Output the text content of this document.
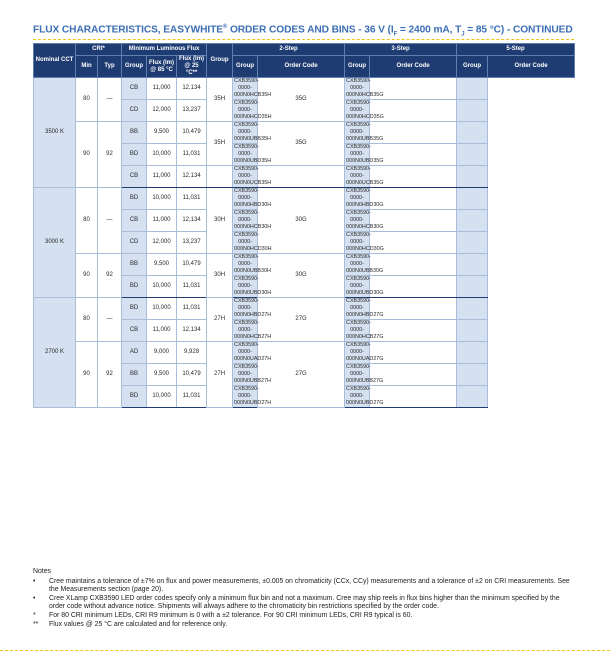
FLUX CHARACTERISTICS, EASYWHITE® ORDER CODES AND BINS - 36 V ($I_F = 2400$ mA, $T_J = 85$ °C) - CONTINUED
Nominal CCT	CRI*		Minimum Luminous Flux			Group	2-Step		3-Step		5-Step	
	Min	Typ	Group	Flux (lm) @ 85 °C	Flux (lm) @ 25 °C**		Group	Order Code	Group	Order Code	Group	Order Code
3500 K	80	—	CB	11,000	12,134	35H	CXB3590-0000-000N0HCB35H	35G	CXB3590-0000-000N0HCB35G			
			CD	12,000	13,237		CXB3590-0000-000N0HCD35H		CXB3590-0000-000N0HCD35G			
	90	92	BB	9,500	10,479	35H	CXB3590-0000-000N0UBB35H	35G	CXB3590-0000-000N0UBB35G			
			BD	10,000	11,031		CXB3590-0000-000N0UBD35H		CXB3590-0000-000N0UBD35G			
			CB	11,000	12,134		CXB3590-0000-000N0UCB35H		CXB3590-0000-000N0UCB35G			
3000 K	80	—	BD	10,000	11,031	30H	CXB3590-0000-000N0HBD30H	30G	CXB3590-0000-000N0HBD30G			
			CB	11,000	12,134		CXB3590-0000-000N0HCB30H		CXB3590-0000-000N0HCB30G			
			CD	12,000	13,237		CXB3590-0000-000N0HCD30H		CXB3590-0000-000N0HCD30G			
	90	92	BB	9,500	10,479	30H	CXB3590-0000-000N0UBB30H	30G	CXB3590-0000-000N0UBB30G			
			BD	10,000	11,031		CXB3590-0000-000N0UBD30H		CXB3590-0000-000N0UBD30G			
2700 K	80	—	BD	10,000	11,031	27H	CXB3590-0000-000N0HBD27H	27G	CXB3590-0000-000N0HBD27G			
			CB	11,000	12,134		CXB3590-0000-000N0HCB27H		CXB3590-0000-000N0HCB27G			
	90	92	AD	9,000	9,928	27H	CXB3590-0000-000N0UAD27H	27G	CXB3590-0000-000N0UAD27G			
			BB	9,500	10,479		CXB3590-0000-000N0UBB27H		CXB3590-0000-000N0UBB27G			
			BD	10,000	11,031		CXB3590-0000-000N0UBD27H		CXB3590-0000-000N0UBD27G			
Notes
•	Cree maintains a tolerance of ±7% on flux and power measurements, ±0.005 on chromaticity (CCx, CCy) measurements and a tolerance of ±2 on CRI measurements. See the Measurements section (page 20).
•	Cree XLamp CXB3590 LED order codes specify only a minimum flux bin and not a maximum. Cree may ship reels in flux bins higher than the minimum specified by the order code without advance notice. Shipments will always adhere to the chromaticity bin restrictions specified by the order code.
*	For 80 CRI minimum LEDs, CRI R9 minimum is 0 with a ±2 tolerance. For 90 CRI minimum LEDs, CRI R9 typical is 60.
**	Flux values @ 25 °C are calculated and for reference only.
